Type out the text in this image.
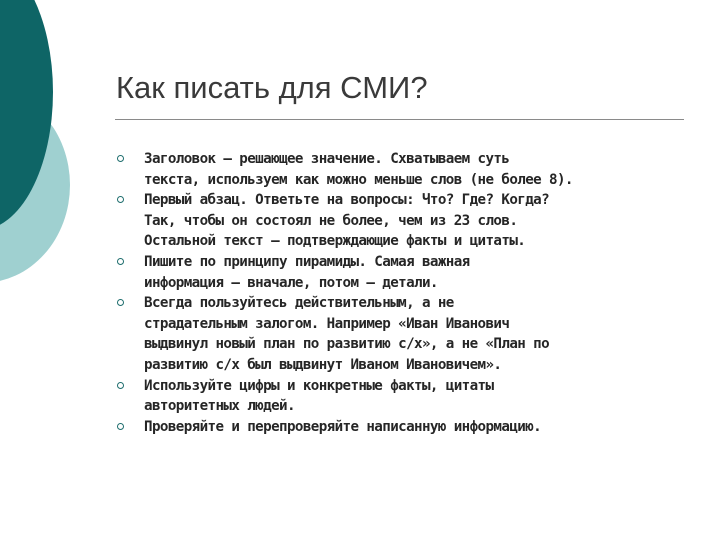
Как писать для СМИ?
Заголовок – решающее значение. Схватываем суть
текста, используем как можно меньше слов (не более 8).
Первый абзац. Ответьте на вопросы: Что? Где? Когда?
Так, чтобы он состоял не более, чем из 23 слов.
Остальной текст – подтверждающие факты и цитаты.
Пишите по принципу пирамиды. Самая важная
информация – вначале, потом – детали.
Всегда пользуйтесь действительным, а не
страдательным залогом. Например «Иван Иванович
выдвинул новый план по развитию с/х», а не «План по
развитию с/х был выдвинут Иваном Ивановичем».
Используйте цифры и конкретные факты, цитаты
авторитетных людей.
Проверяйте и перепроверяйте написанную информацию.
